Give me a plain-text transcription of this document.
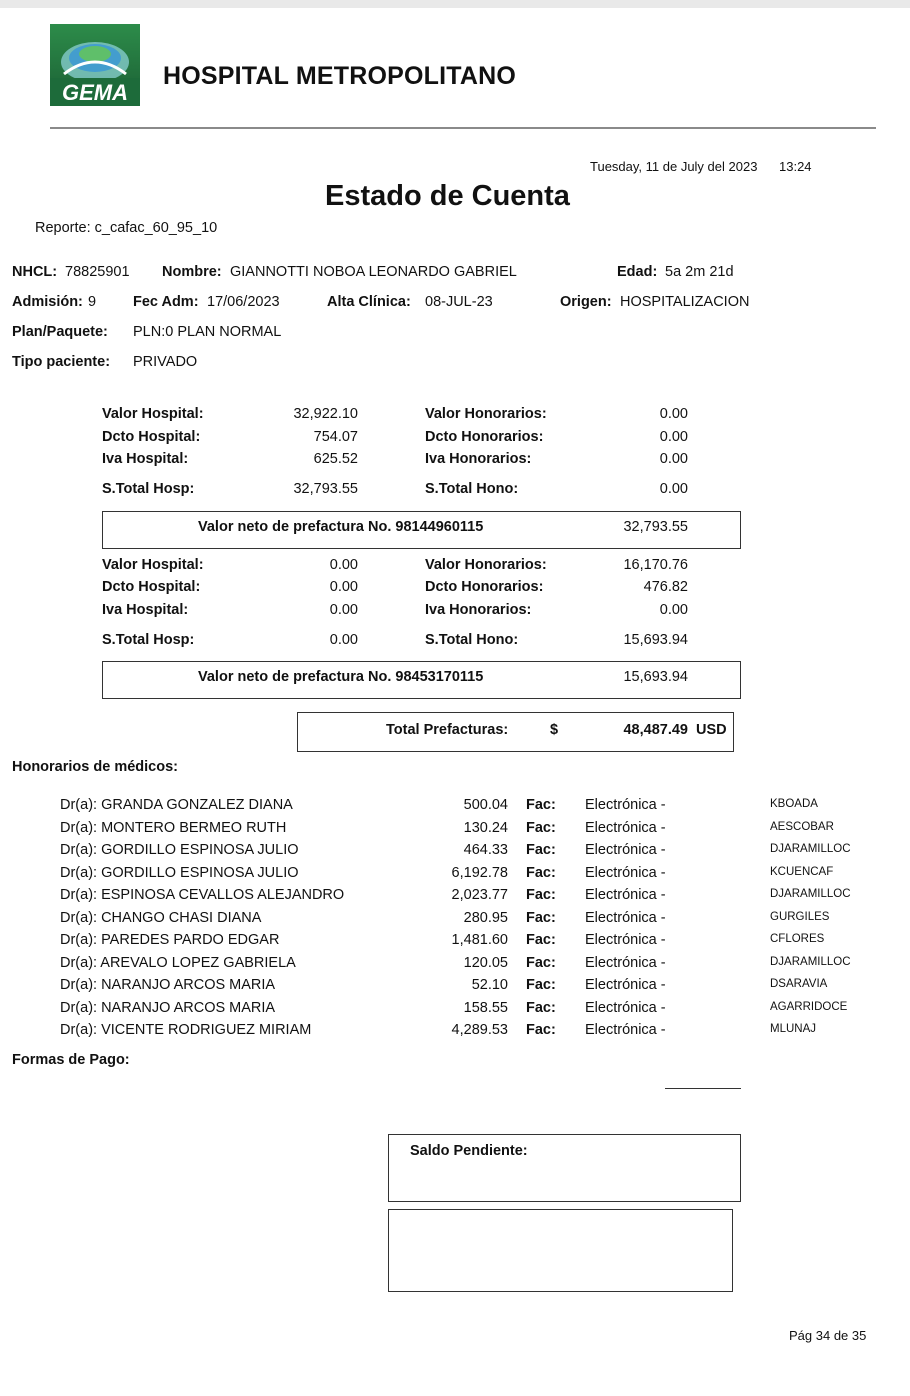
GEMA
HOSPITAL METROPOLITANO
Tuesday, 11 de July del 2023 13:24
Estado de Cuenta
Reporte: c_cafac_60_95_10
NHCL: 78825901 Nombre: GIANNOTTI NOBOA LEONARDO GABRIEL	Edad: 5a 2m 21d
Admisión: 9	Fec Adm: 17/06/2023	Alta Clínica: 08-JUL-23	Origen: HOSPITALIZACION
Plan/Paquete: PLN:0 PLAN NORMAL
Tipo paciente: PRIVADO
Valor Hospital:	32,922.10	Valor Honorarios:	0.00
Dcto Hospital:	754.07	Dcto Honorarios:	0.00
Iva Hospital:	625.52	Iva Honorarios:	0.00
S.Total Hosp:	32,793.55	S.Total Hono:	0.00
Valor neto de prefactura No. 98144960115	32,793.55
Valor Hospital:	0.00	Valor Honorarios:	16,170.76
Dcto Hospital:	0.00	Dcto Honorarios:	476.82
Iva Hospital:	0.00	Iva Honorarios:	0.00
S.Total Hosp:	0.00	S.Total Hono:	15,693.94
Valor neto de prefactura No. 98453170115	15,693.94
Total Prefacturas:	$	48,487.49 USD
Honorarios de médicos:
Dr(a): GRANDA GONZALEZ DIANA	500.04 Fac: Electrónica -	KBOADA
Dr(a): MONTERO BERMEO RUTH	130.24 Fac: Electrónica -	AESCOBAR
Dr(a): GORDILLO ESPINOSA JULIO	464.33 Fac: Electrónica -	DJARAMILLOC
Dr(a): GORDILLO ESPINOSA JULIO	6,192.78 Fac: Electrónica -	KCUENCAF
Dr(a): ESPINOSA CEVALLOS ALEJANDRO	2,023.77 Fac: Electrónica -	DJARAMILLOC
Dr(a): CHANGO CHASI DIANA	280.95 Fac: Electrónica -	GURGILES
Dr(a): PAREDES PARDO EDGAR	1,481.60 Fac: Electrónica -	CFLORES
Dr(a): AREVALO LOPEZ GABRIELA	120.05 Fac: Electrónica -	DJARAMILLOC
Dr(a): NARANJO ARCOS MARIA	52.10 Fac: Electrónica -	DSARAVIA
Dr(a): NARANJO ARCOS MARIA	158.55 Fac: Electrónica -	AGARRIDOCE
Dr(a): VICENTE RODRIGUEZ MIRIAM	4,289.53 Fac: Electrónica -	MLUNAJ
Formas de Pago:
Saldo Pendiente:
Pág 34 de 35
